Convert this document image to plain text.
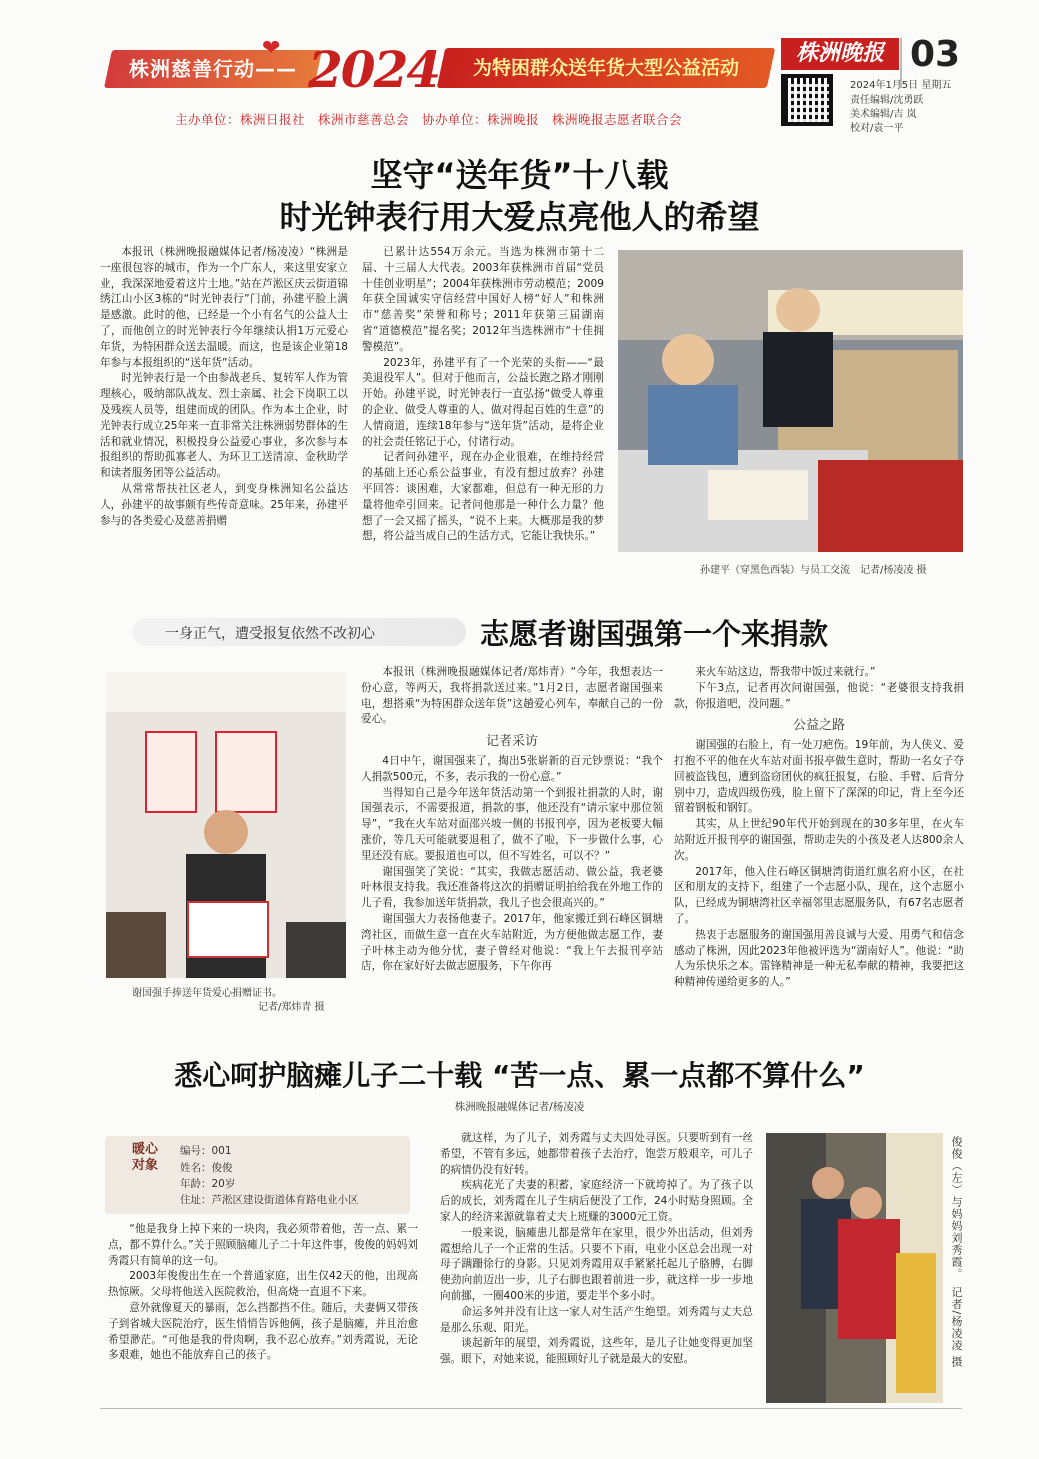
株洲慈善行动—— 2024	为特困群众送年货大型公益活动
❤	株洲晚报 03
2024年1月5日 星期五
责任编辑/沈勇跃
美术编辑/吉 岚
校对/袁一平
主办单位：株洲日报社　株洲市慈善总会　协办单位：株洲晚报　株洲晚报志愿者联合会
坚守“送年货”十八载
时光钟表行用大爱点亮他人的希望

本报讯（株洲晚报融媒体记者/杨凌凌）“株洲是一座很包容的城市，作为一个广东人，来这里安家立业，我深深地爱着这片土地。”站在芦淞区庆云街道锦绣江山小区3栋的“时光钟表行”门前，孙建平脸上满是感激。此时的他，已经是一个小有名气的公益人士了，而他创立的时光钟表行今年继续认捐1万元爱心年货，为特困群众送去温暖。而这，也是该企业第18年参与本报组织的“送年货”活动。

时光钟表行是一个由参战老兵、复转军人作为管理核心，吸纳部队战友、烈士亲属、社会下岗职工以及残疾人员等，组建而成的团队。作为本土企业，时光钟表行成立25年来一直非常关注株洲弱势群体的生活和就业情况，积极投身公益爱心事业，多次参与本报组织的帮助孤寡老人、为环卫工送清凉、金秋助学和读者服务团等公益活动。

从常常帮扶社区老人，到变身株洲知名公益达人，孙建平的故事颇有些传奇意味。25年来，孙建平参与的各类爱心及慈善捐赠

已累计达554万余元。当选为株洲市第十二届、十三届人大代表。2003年获株洲市首届“党员十佳创业明星”；2004年获株洲市劳动模范；2009年获全国诚实守信经营中国好人榜“好人”和株洲市“慈善奖”荣誉和称号；2011年获第三届湖南省“道德模范”提名奖；2012年当选株洲市“十佳拥警模范”。

2023年，孙建平有了一个光荣的头衔——“最美退役军人”。但对于他而言，公益长跑之路才刚刚开始。孙建平说，时光钟表行一直弘扬“做受人尊重的企业、做受人尊重的人、做对得起百姓的生意”的人情商道，连续18年参与“送年货”活动，是将企业的社会责任铭记于心，付诸行动。

记者问孙建平，现在办企业很难，在维持经营的基础上还心系公益事业，有没有想过放弃？孙建平回答：谈困难，大家都难，但总有一种无形的力量将他牵引回来。记者问他那是一种什么力量？他想了一会又摇了摇头，“说不上来。大概那是我的梦想，将公益当成自己的生活方式，它能让我快乐。”

孙建平（穿黑色西装）与员工交流　记者/杨凌凌 摄
一身正气，遭受报复依然不改初心	志愿者谢国强第一个来捐款
谢国强手捧送年货爱心捐赠证书。
记者/郑炜青 摄

本报讯（株洲晚报融媒体记者/郑炜青）“今年，我想表达一份心意，等两天，我将捐款送过来。”1月2日，志愿者谢国强来电，想搭乘“为特困群众送年货”这趟爱心列车，奉献自己的一份爱心。

记者采访

4日中午，谢国强来了，掏出5张崭新的百元钞票说：“我个人捐款500元，不多，表示我的一份心意。”

当得知自己是今年送年货活动第一个到报社捐款的人时，谢国强表示，不需要报道，捐款的事，他还没有“请示家中那位领导”，“我在火车站对面邵兴坡一侧的书报刊亭，因为老板要大幅涨价，等几天可能就要退租了，做不了啦，下一步做什么事，心里还没有底。要报道也可以，但不写姓名，可以不？”

谢国强笑了笑说：“其实，我做志愿活动、做公益，我老婆叶林很支持我。我还准备将这次的捐赠证明拍给我在外地工作的儿子看，我参加送年货捐款，我儿子也会很高兴的。”

谢国强大力表扬他妻子。2017年，他家搬迁到石峰区铜塘湾社区，而做生意一直在火车站附近，为方便他做志愿工作，妻子叶林主动为他分忧，妻子曾经对他说：“我上午去报刊亭站店，你在家好好去做志愿服务，下午你再

来火车站这边，帮我带中饭过来就行。”

下午3点，记者再次问谢国强，他说：“老婆很支持我捐款，你报道吧，没问题。”

公益之路

谢国强的右脸上，有一处刀疤伤。19年前，为人侠义、爱打抱不平的他在火车站对面书报亭做生意时，帮助一名女子夺回被盗钱包，遭到盗窃团伙的疯狂报复，右脸、手臂、后背分别中刀，造成四级伤残，脸上留下了深深的印记，背上至今还留着钢板和钢钉。

其实，从上世纪90年代开始到现在的30多年里，在火车站附近开报刊亭的谢国强，帮助走失的小孩及老人达800余人次。

2017年，他入住石峰区铜塘湾街道红旗名府小区，在社区和朋友的支持下，组建了一个志愿小队，现在，这个志愿小队，已经成为铜塘湾社区幸福邻里志愿服务队，有67名志愿者了。

热衷于志愿服务的谢国强用善良诚与大爱、用勇气和信念感动了株洲，因此2023年他被评选为“湖南好人”。他说：“助人为乐快乐之本。雷锋精神是一种无私奉献的精神，我要把这种精神传递给更多的人。”

悉心呵护脑瘫儿子二十载 “苦一点、累一点都不算什么”
株洲晚报融媒体记者/杨凌凌
暖心对象
编号：001
姓名：俊俊
年龄：20岁
住址：芦淞区建设街道体育路电业小区

“他是我身上掉下来的一块肉，我必须带着他，苦一点、累一点，都不算什么。”关于照顾脑瘫儿子二十年这件事，俊俊的妈妈刘秀霞只有简单的这一句。

2003年俊俊出生在一个普通家庭，出生仅42天的他，出现高热惊厥。父母将他送入医院救治，但高烧一直退不下来。

意外就像夏天的暴雨，怎么挡都挡不住。随后，夫妻俩又带孩子到省城大医院治疗，医生悄悄告诉他俩，孩子是脑瘫，并且治愈希望渺茫。“可他是我的骨肉啊，我不忍心放弃。”刘秀霞说，无论多艰难，她也不能放弃自己的孩子。

就这样，为了儿子，刘秀霞与丈夫四处寻医。只要听到有一丝希望，不管有多远，她都带着孩子去治疗，饱尝万般艰辛，可儿子的病情仍没有好转。

疾病花光了夫妻的积蓄，家庭经济一下就垮掉了。为了孩子以后的成长，刘秀霞在儿子生病后便没了工作，24小时贴身照顾。全家人的经济来源就靠着丈夫上班赚的3000元工资。

一般来说，脑瘫患儿都是常年在家里，很少外出活动，但刘秀霞想给儿子一个正常的生活。只要不下雨，电业小区总会出现一对母子蹒跚徐行的身影。只见刘秀霞用双手紧紧托起儿子胳膊，右脚使劲向前迈出一步，儿子右脚也跟着前进一步，就这样一步一步地向前挪，一圈400米的步道，要走半个多小时。

命运多舛并没有让这一家人对生活产生绝望。刘秀霞与丈夫总是那么乐观、阳光。

谈起新年的展望，刘秀霞说，这些年，是儿子让她变得更加坚强。眼下，对她来说，能照顾好儿子就是最大的安慰。	俊俊（左）与妈妈刘秀霞。　记者/杨凌凌 摄
